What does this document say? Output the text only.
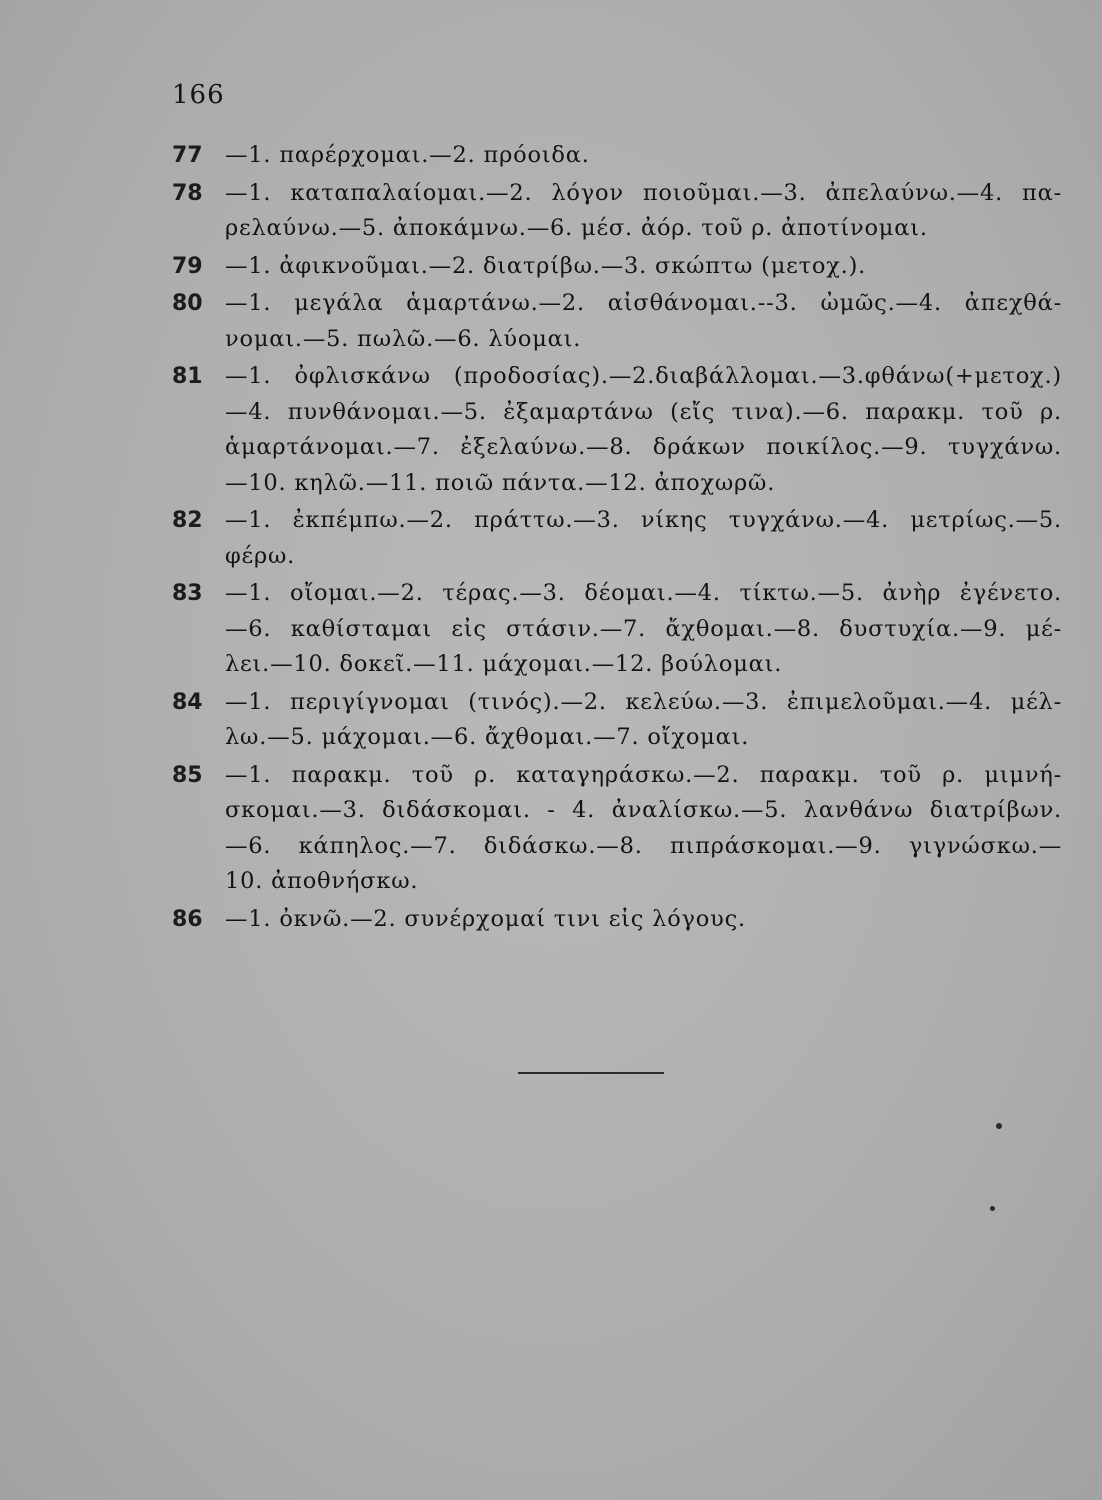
166
77 —1. παρέρχομαι.—2. πρόοιδα.
78 —1. καταπαλαίομαι.—2. λόγον ποιοῦμαι.—3. ἀπελαύνω.—4. πα-
ρελαύνω.—5. ἀποκάμνω.—6. μέσ. ἀόρ. τοῦ ρ. ἀποτίνομαι.
79 —1. ἀφικνοῦμαι.—2. διατρίβω.—3. σκώπτω (μετοχ.).
80 —1. μεγάλα ἁμαρτάνω.—2. αἰσθάνομαι.--3. ὠμῶς.—4. ἀπεχθά-
νομαι.—5. πωλῶ.—6. λύομαι.
81 —1. ὀφλισκάνω (προδοσίας).—2.διαβάλλομαι.—3.φθάνω(+μετοχ.)
—4. πυνθάνομαι.—5. ἐξαμαρτάνω (εἴς τινα).—6. παρακμ. τοῦ ρ.
ἁμαρτάνομαι.—7. ἐξελαύνω.—8. δράκων ποικίλος.—9. τυγχάνω.
—10. κηλῶ.—11. ποιῶ πάντα.—12. ἀποχωρῶ.
82 —1. ἐκπέμπω.—2. πράττω.—3. νίκης τυγχάνω.—4. μετρίως.—5.
φέρω.
83 —1. οἴομαι.—2. τέρας.—3. δέομαι.—4. τίκτω.—5. ἀνὴρ ἐγένετο.
—6. καθίσταμαι εἰς στάσιν.—7. ἄχθομαι.—8. δυστυχία.—9. μέ-
λει.—10. δοκεῖ.—11. μάχομαι.—12. βούλομαι.
84 —1. περιγίγνομαι (τινός).—2. κελεύω.—3. ἐπιμελοῦμαι.—4. μέλ-
λω.—5. μάχομαι.—6. ἄχθομαι.—7. οἴχομαι.
85 —1. παρακμ. τοῦ ρ. καταγηράσκω.—2. παρακμ. τοῦ ρ. μιμνή-
σκομαι.—3. διδάσκομαι. - 4. ἀναλίσκω.—5. λανθάνω διατρίβων.
—6. κάπηλος.—7. διδάσκω.—8. πιπράσκομαι.—9. γιγνώσκω.—
10. ἀποθνήσκω.
86 —1. ὀκνῶ.—2. συνέρχομαί τινι εἰς λόγους.
